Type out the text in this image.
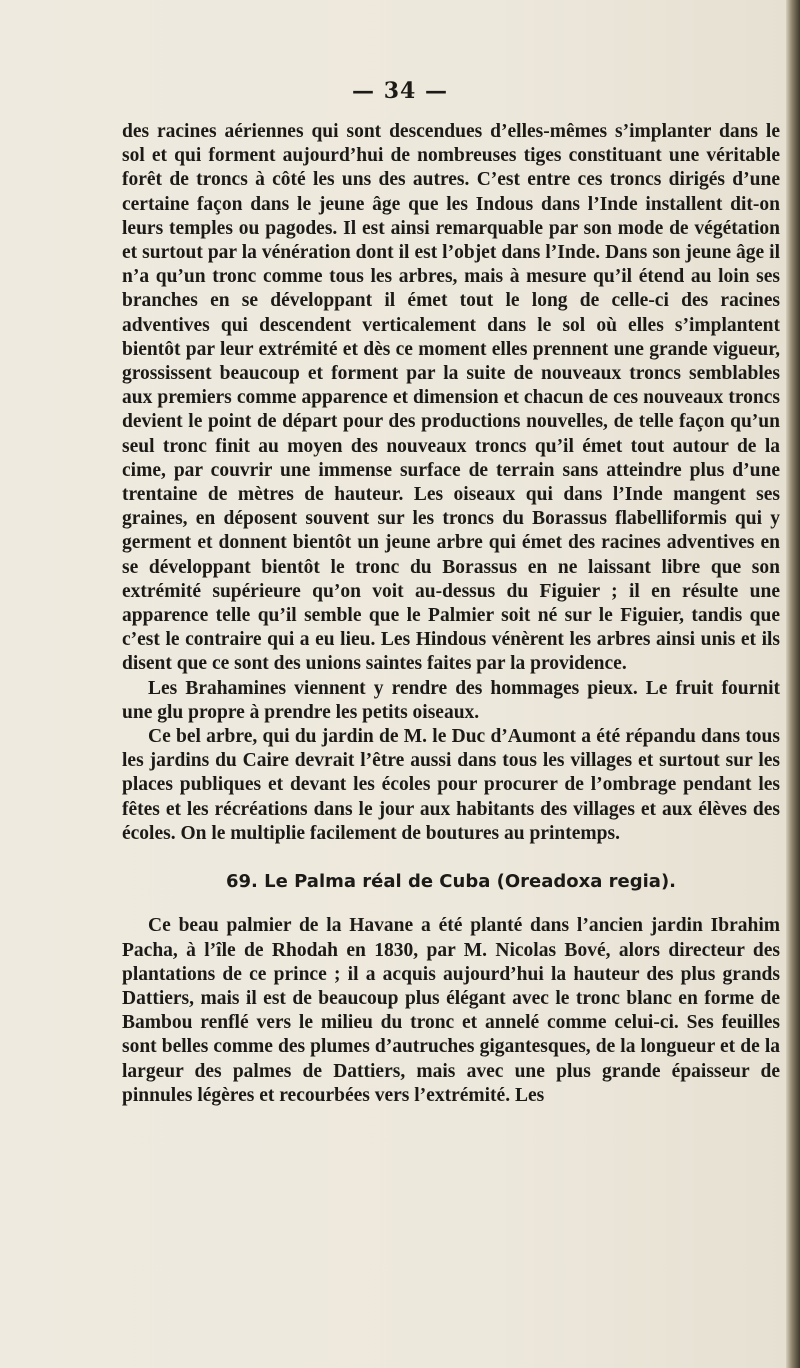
— 34 —

des racines aériennes qui sont descendues d’elles-mêmes s’implanter dans le sol et qui forment aujourd’hui de nombreuses tiges constituant une véritable forêt de troncs à côté les uns des autres. C’est entre ces troncs dirigés d’une certaine façon dans le jeune âge que les Indous dans l’Inde installent dit-on leurs temples ou pagodes. Il est ainsi remarquable par son mode de végétation et surtout par la vénération dont il est l’objet dans l’Inde. Dans son jeune âge il n’a qu’un tronc comme tous les arbres, mais à mesure qu’il étend au loin ses branches en se développant il émet tout le long de celle-ci des racines adventives qui descendent verticalement dans le sol où elles s’implantent bientôt par leur extrémité et dès ce moment elles prennent une grande vigueur, grossissent beaucoup et forment par la suite de nouveaux troncs semblables aux premiers comme apparence et dimension et chacun de ces nouveaux troncs devient le point de départ pour des productions nouvelles, de telle façon qu’un seul tronc finit au moyen des nouveaux troncs qu’il émet tout autour de la cime, par couvrir une immense surface de terrain sans atteindre plus d’une trentaine de mètres de hauteur. Les oiseaux qui dans l’Inde mangent ses graines, en déposent souvent sur les troncs du Borassus flabelliformis qui y germent et donnent bientôt un jeune arbre qui émet des racines adventives en se développant bientôt le tronc du Borassus en ne laissant libre que son extrémité supérieure qu’on voit au-dessus du Figuier ; il en résulte une apparence telle qu’il semble que le Palmier soit né sur le Figuier, tandis que c’est le contraire qui a eu lieu. Les Hindous vénèrent les arbres ainsi unis et ils disent que ce sont des unions saintes faites par la providence.

Les Brahamines viennent y rendre des hommages pieux. Le fruit fournit une glu propre à prendre les petits oiseaux.

Ce bel arbre, qui du jardin de M. le Duc d’Aumont a été répandu dans tous les jardins du Caire devrait l’être aussi dans tous les villages et surtout sur les places publiques et devant les écoles pour procurer de l’ombrage pendant les fêtes et les récréations dans le jour aux habitants des villages et aux élèves des écoles. On le multiplie facilement de boutures au printemps.

69. Le Palma réal de Cuba (Oreadoxa regia).

Ce beau palmier de la Havane a été planté dans l’ancien jardin Ibrahim Pacha, à l’île de Rhodah en 1830, par M. Nicolas Bové, alors directeur des plantations de ce prince ; il a acquis aujourd’hui la hauteur des plus grands Dattiers, mais il est de beaucoup plus élégant avec le tronc blanc en forme de Bambou renflé vers le milieu du tronc et annelé comme celui-ci. Ses feuilles sont belles comme des plumes d’autruches gigantesques, de la longueur et de la largeur des palmes de Dattiers, mais avec une plus grande épaisseur de pinnules légères et recourbées vers l’extrémité. Les
